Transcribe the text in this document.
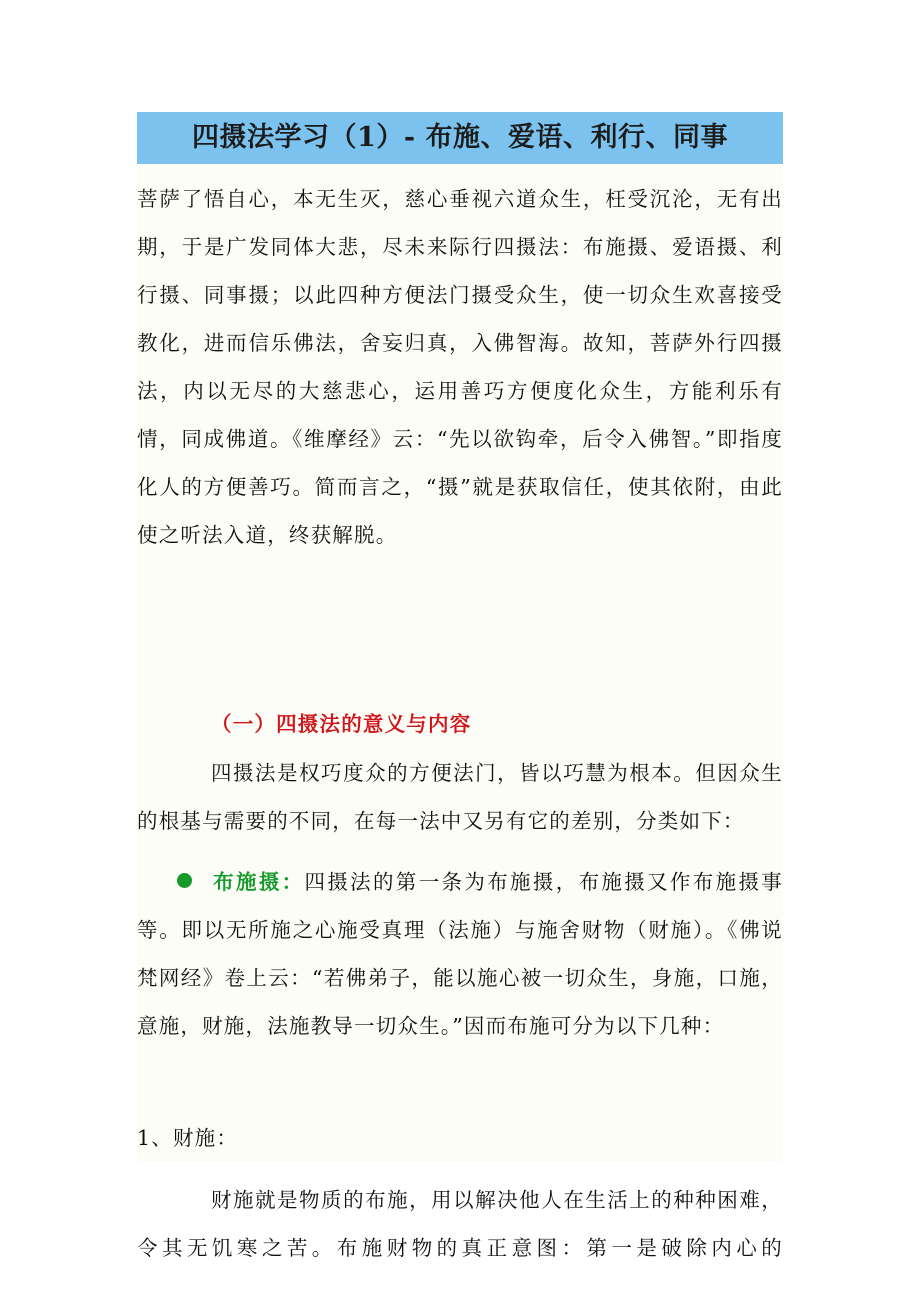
四摄法学习（1）- 布施、爱语、利行、同事
菩萨了悟自心，本无生灭，慈心垂视六道众生，枉受沉沦，无有出期，于是广发同体大悲，尽未来际行四摄法：布施摄、爱语摄、利行摄、同事摄；以此四种方便法门摄受众生，使一切众生欢喜接受教化，进而信乐佛法，舍妄归真，入佛智海。故知，菩萨外行四摄法，内以无尽的大慈悲心，运用善巧方便度化众生，方能利乐有情，同成佛道。《维摩经》云：“先以欲钩牵，后令入佛智。”即指度化人的方便善巧。简而言之，“摄”就是获取信任，使其依附，由此使之听法入道，终获解脱。
（一）四摄法的意义与内容
四摄法是权巧度众的方便法门，皆以巧慧为根本。但因众生的根基与需要的不同，在每一法中又另有它的差别，分类如下：
布施摄：四摄法的第一条为布施摄，布施摄又作布施摄事等。即以无所施之心施受真理（法施）与施舍财物（财施）。《佛说梵网经》卷上云：“若佛弟子，能以施心被一切众生，身施，口施，意施，财施，法施教导一切众生。”因而布施可分为以下几种：
1、财施：
财施就是物质的布施，用以解决他人在生活上的种种困难，令其无饥寒之苦。布施财物的真正意图：第一是破除内心的
